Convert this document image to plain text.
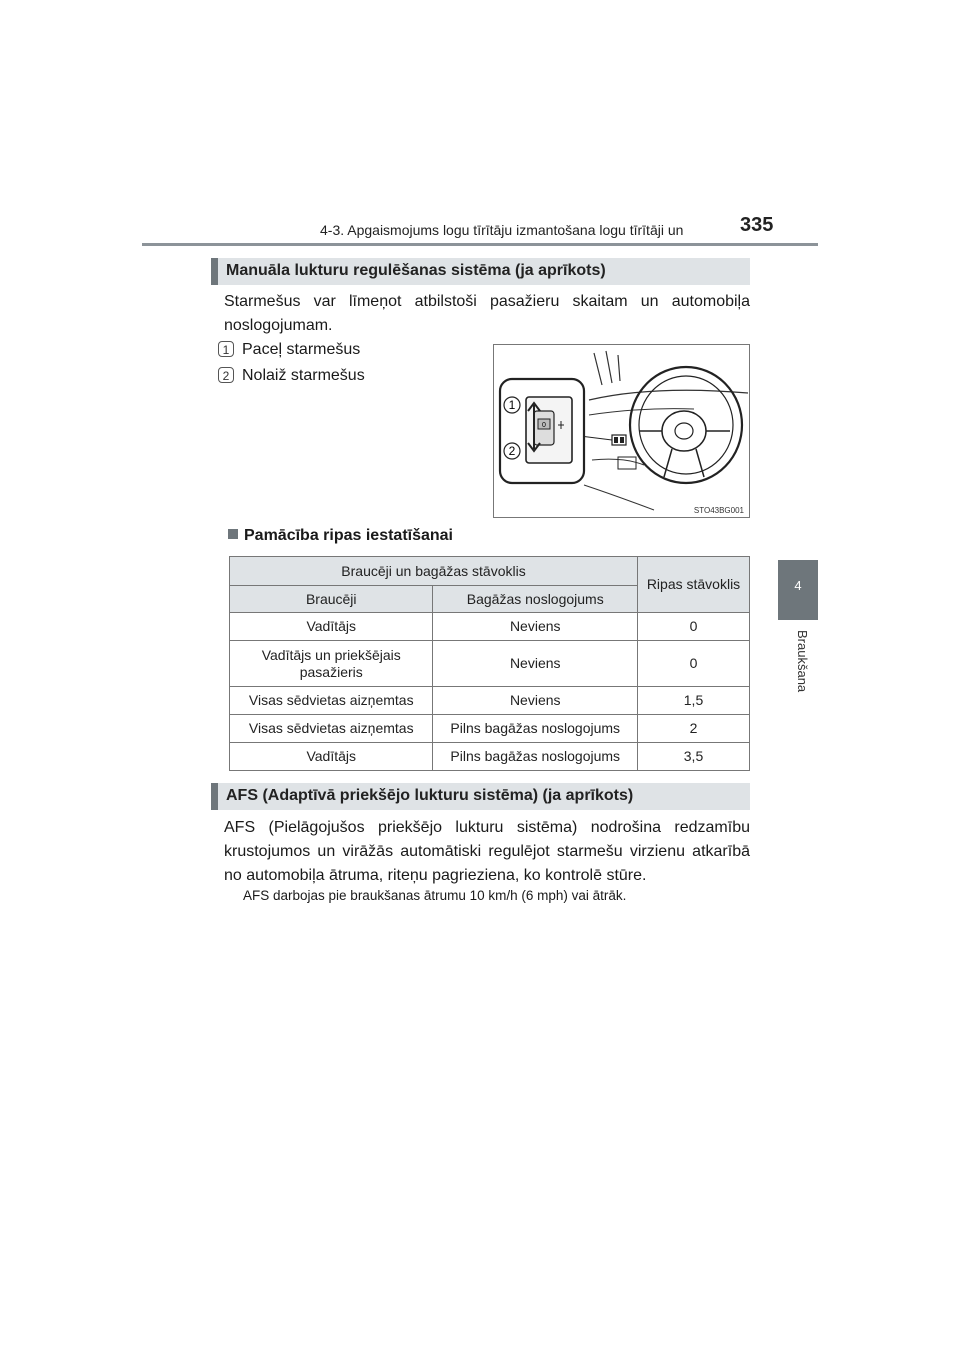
4-3. Apgaismojums logu tīrītāju izmantošana logu tīrītāji un	335
4
Braukšana
Manuāla lukturu regulēšanas sistēma (ja aprīkots)
Starmešus var līmeņot atbilstoši pasažieru skaitam un automobiļa noslogojumam.
1 Paceļ starmešus
2 Nolaiž starmešus
0
1
2
STO43BG001
Pamācība ripas iestatīšanai
Braucēji un bagāžas stāvoklis		Ripas stāvoklis
Braucēji	Bagāžas noslogojums	
Vadītājs	Neviens	0
Vadītājs un priekšējais pasažieris	Neviens	0
Visas sēdvietas aizņemtas	Neviens	1,5
Visas sēdvietas aizņemtas	Pilns bagāžas noslogojums	2
Vadītājs	Pilns bagāžas noslogojums	3,5
AFS (Adaptīvā priekšējo lukturu sistēma) (ja aprīkots)
AFS (Pielāgojušos priekšējo lukturu sistēma) nodrošina redzamību krustojumos un virāžās automātiski regulējot starmešu virzienu atkarībā no automobiļa ātruma, riteņu pagrieziena, ko kontrolē stūre.
AFS darbojas pie braukšanas ātrumu 10 km/h (6 mph) vai ātrāk.
